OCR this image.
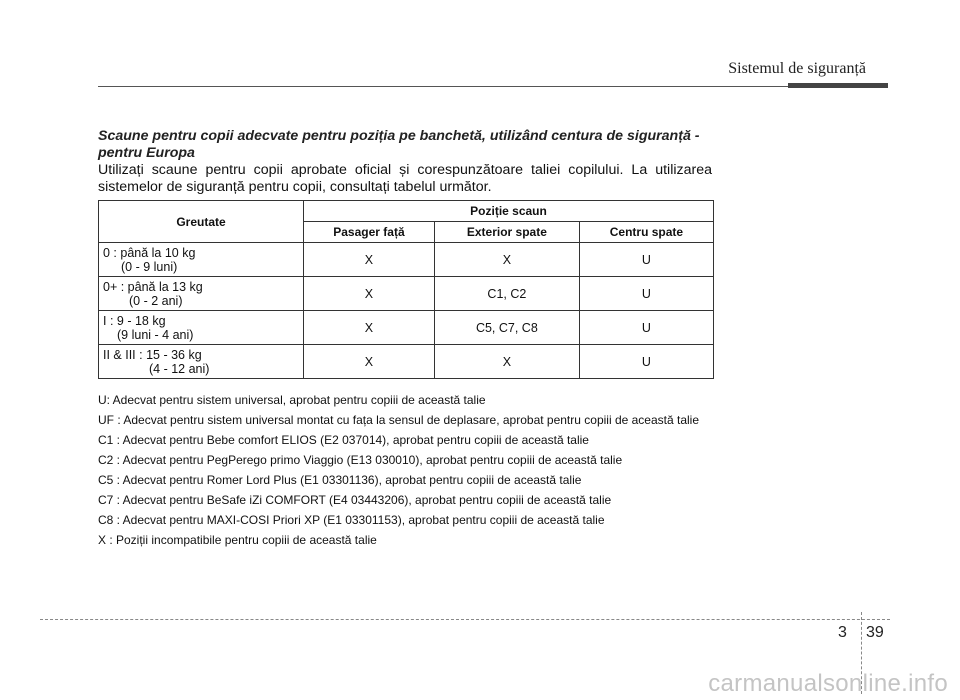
Sistemul de siguranță
Scaune pentru copii adecvate pentru poziția pe banchetă, utilizând centura de siguranță - pentru Europa
Utilizați scaune pentru copii aprobate oficial și corespunzătoare taliei copilului. La utilizarea sistemelor de siguranță pentru copii, consultați tabelul următor.
Greutate	Poziție scaun		
	Pasager față	Exterior spate	Centru spate

0 : până la 10 kg
(0 - 9 luni)	X	X	U

0+ : până la 13 kg
(0 - 2 ani)	X	C1, C2	U

I : 9 - 18 kg
(9 luni - 4 ani)	X	C5, C7, C8	U

II & III : 15 - 36 kg
(4 - 12 ani)	X	X	U
U: Adecvat pentru sistem universal, aprobat pentru copiii de această talie
UF : Adecvat pentru sistem universal montat cu fața la sensul de deplasare, aprobat pentru copiii de această talie
C1 : Adecvat pentru Bebe comfort ELIOS (E2 037014), aprobat pentru copiii de această talie
C2 : Adecvat pentru PegPerego primo Viaggio (E13 030010), aprobat pentru copiii de această talie
C5 : Adecvat pentru Romer Lord Plus (E1 03301136), aprobat pentru copiii de această talie
C7 : Adecvat pentru BeSafe iZi COMFORT (E4 03443206), aprobat pentru copiii de această talie
C8 : Adecvat pentru MAXI-COSI Priori XP (E1 03301153), aprobat pentru copiii de această talie
X : Poziții incompatibile pentru copiii de această talie
3 39
carmanualsonline.info
